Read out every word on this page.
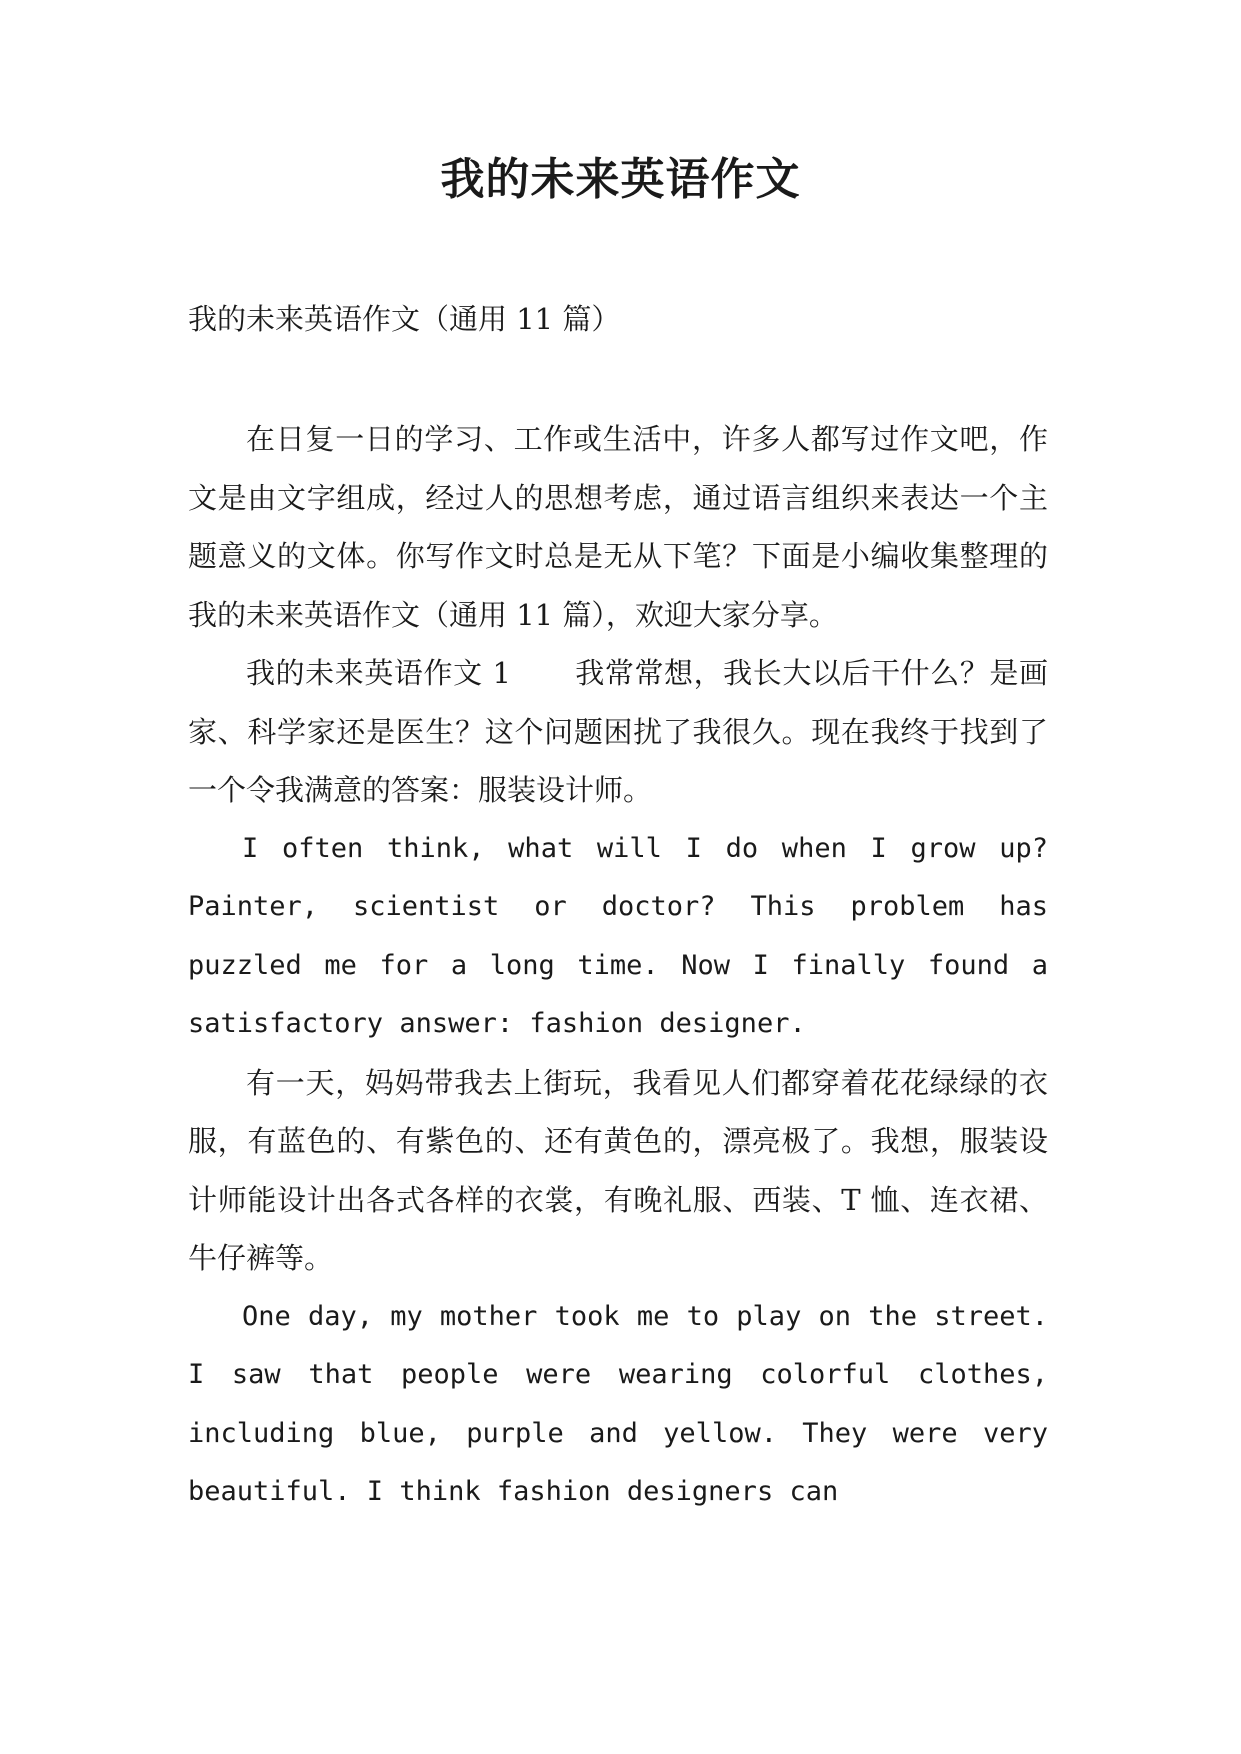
我的未来英语作文

我的未来英语作文（通用 11 篇）

在日复一日的学习、工作或生活中，许多人都写过作文吧，作文是由文字组成，经过人的思想考虑，通过语言组织来表达一个主题意义的文体。你写作文时总是无从下笔？下面是小编收集整理的我的未来英语作文（通用 11 篇），欢迎大家分享。

我的未来英语作文 1 我常常想，我长大以后干什么？是画家、科学家还是医生？这个问题困扰了我很久。现在我终于找到了一个令我满意的答案：服装设计师。

I often think, what will I do when I grow up? Painter, scientist or doctor? This problem has puzzled me for a long time. Now I finally found a satisfactory answer: fashion designer.

有一天，妈妈带我去上街玩，我看见人们都穿着花花绿绿的衣服，有蓝色的、有紫色的、还有黄色的，漂亮极了。我想，服装设计师能设计出各式各样的衣裳，有晚礼服、西装、T 恤、连衣裙、牛仔裤等。

One day, my mother took me to play on the street. I saw that people were wearing colorful clothes, including blue, purple and yellow. They were very beautiful. I think fashion designers can
